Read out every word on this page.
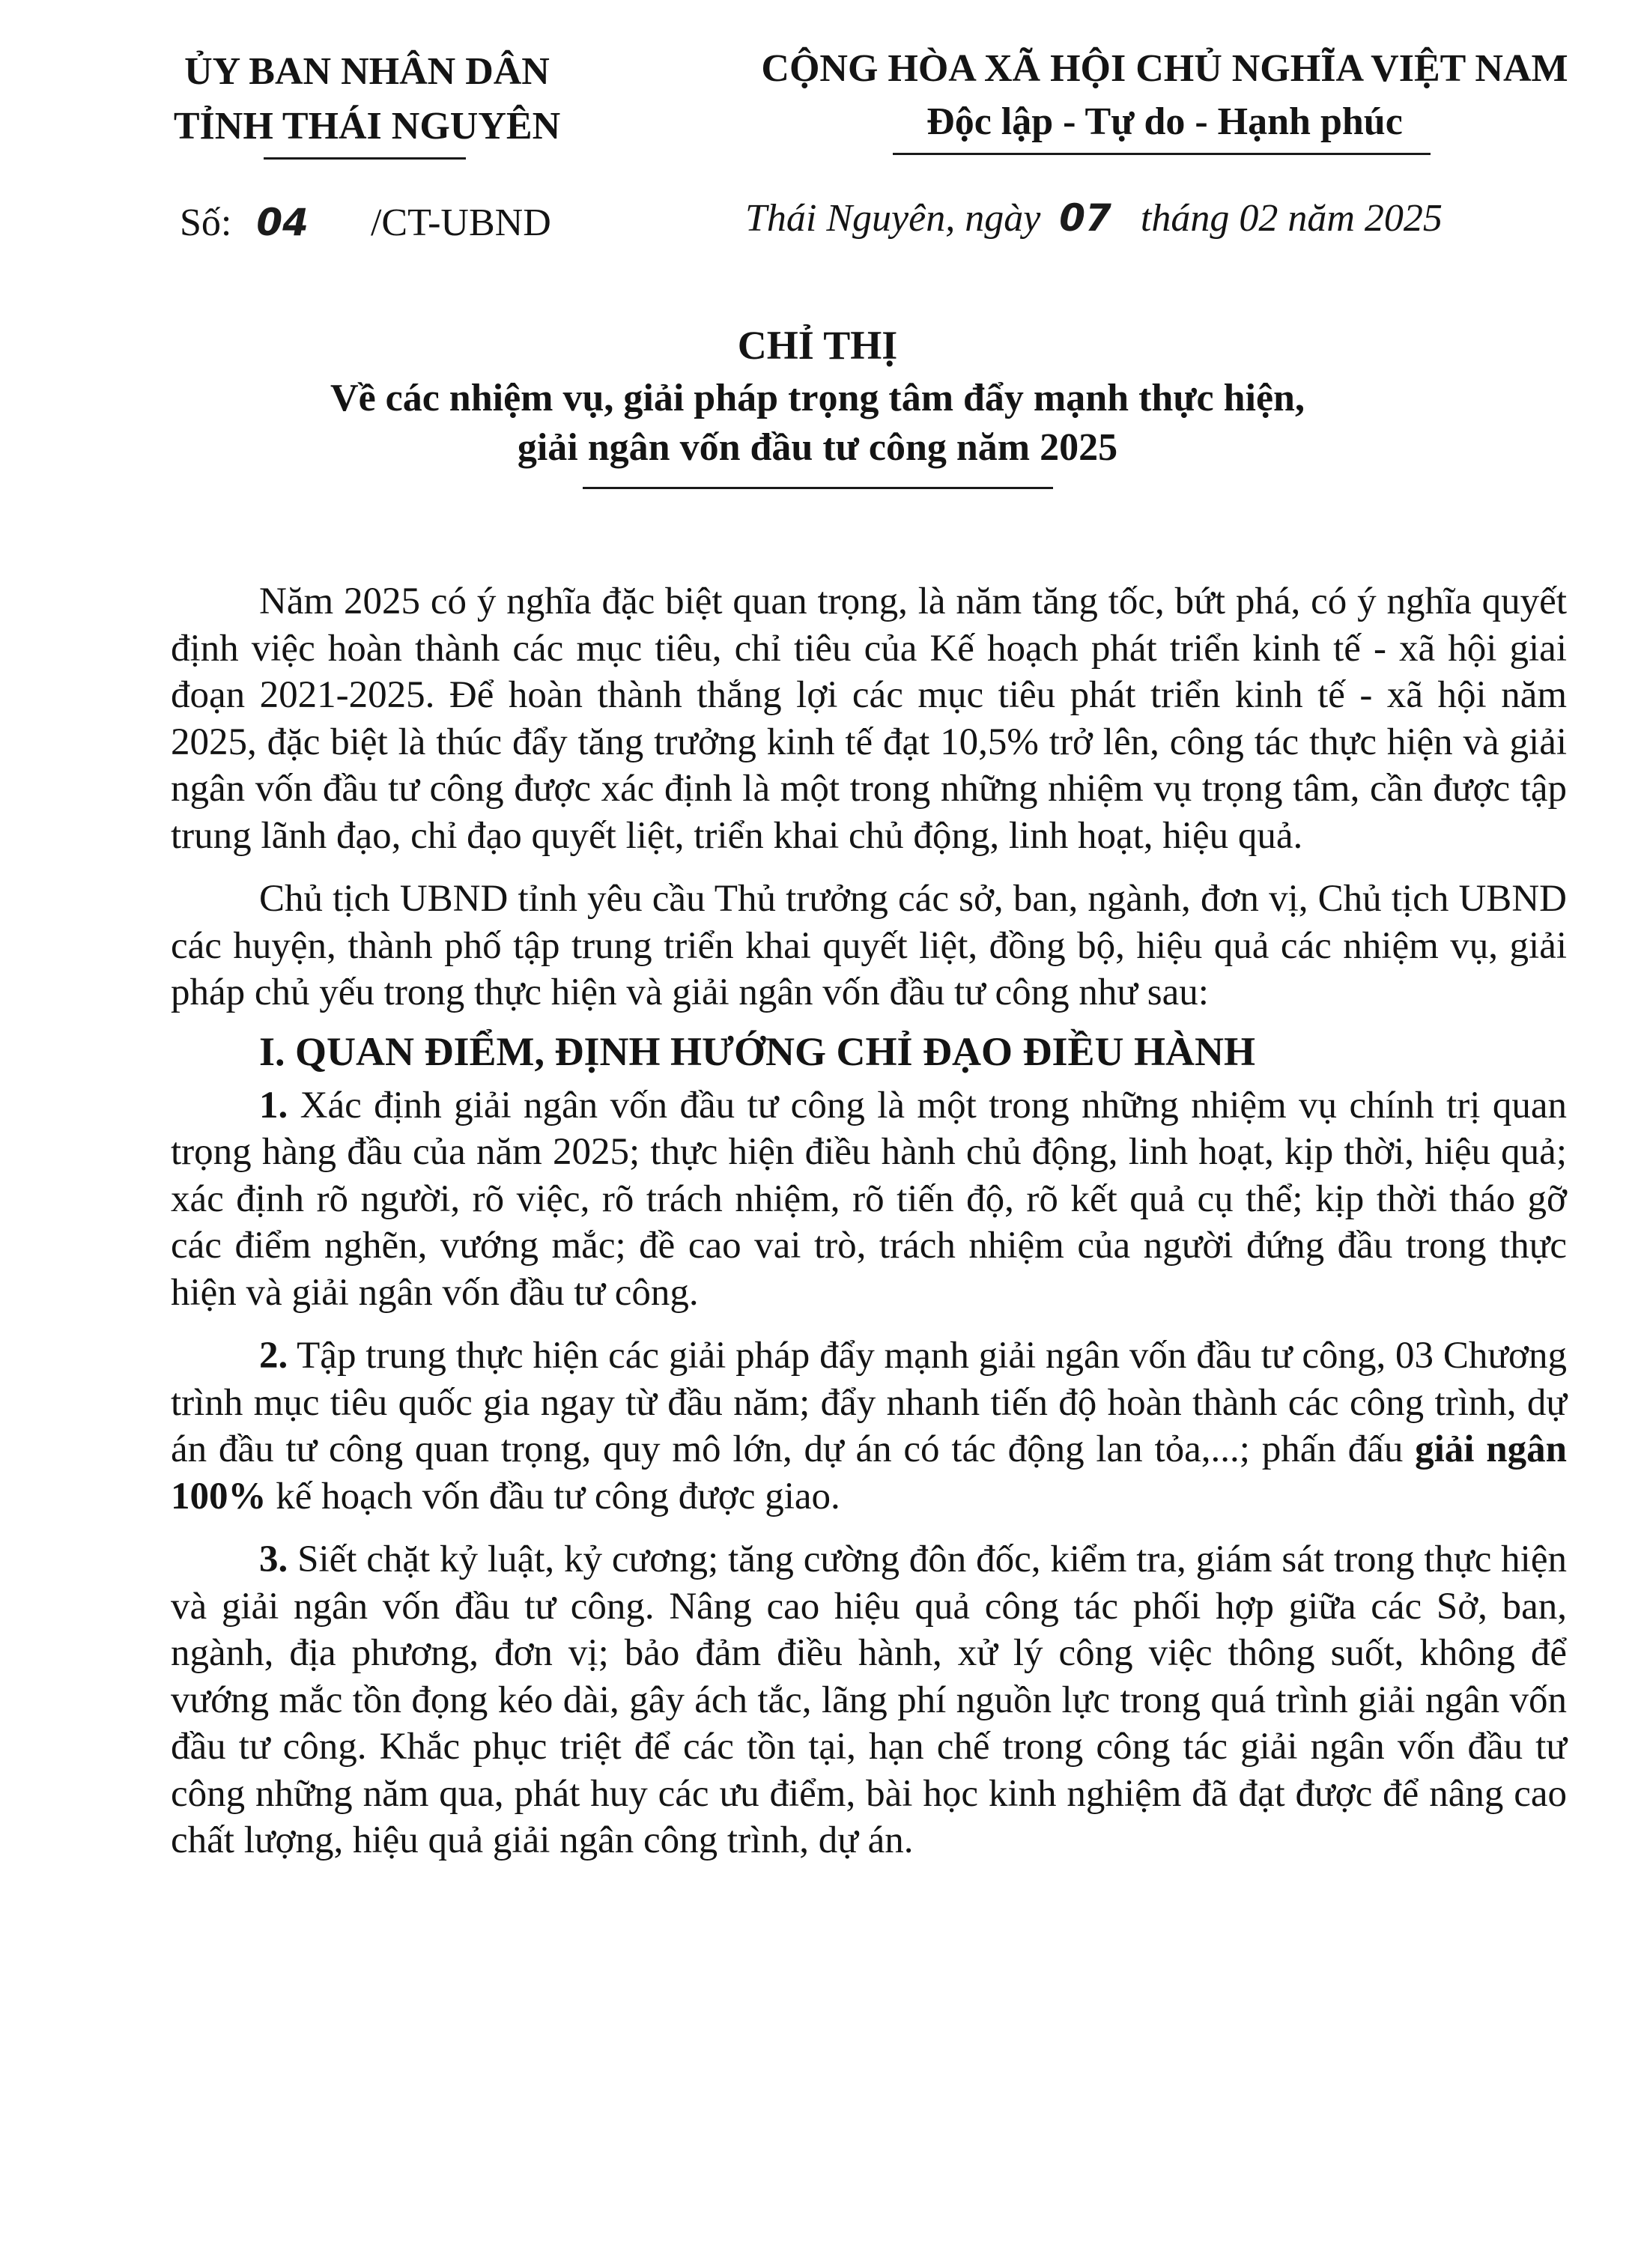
ỦY BAN NHÂN DÂN
TỈNH THÁI NGUYÊN
CỘNG HÒA XÃ HỘI CHỦ NGHĨA VIỆT NAM
Độc lập - Tự do - Hạnh phúc
Số: 04 /CT-UBND	Thái Nguyên, ngày 07 tháng 02 năm 2025
CHỈ THỊ
Về các nhiệm vụ, giải pháp trọng tâm đẩy mạnh thực hiện,
giải ngân vốn đầu tư công năm 2025

Năm 2025 có ý nghĩa đặc biệt quan trọng, là năm tăng tốc, bứt phá, có ý nghĩa quyết định việc hoàn thành các mục tiêu, chỉ tiêu của Kế hoạch phát triển kinh tế - xã hội giai đoạn 2021-2025. Để hoàn thành thắng lợi các mục tiêu phát triển kinh tế - xã hội năm 2025, đặc biệt là thúc đẩy tăng trưởng kinh tế đạt 10,5% trở lên, công tác thực hiện và giải ngân vốn đầu tư công được xác định là một trong những nhiệm vụ trọng tâm, cần được tập trung lãnh đạo, chỉ đạo quyết liệt, triển khai chủ động, linh hoạt, hiệu quả.

Chủ tịch UBND tỉnh yêu cầu Thủ trưởng các sở, ban, ngành, đơn vị, Chủ tịch UBND các huyện, thành phố tập trung triển khai quyết liệt, đồng bộ, hiệu quả các nhiệm vụ, giải pháp chủ yếu trong thực hiện và giải ngân vốn đầu tư công như sau:

I. QUAN ĐIỂM, ĐỊNH HƯỚNG CHỈ ĐẠO ĐIỀU HÀNH

1. Xác định giải ngân vốn đầu tư công là một trong những nhiệm vụ chính trị quan trọng hàng đầu của năm 2025; thực hiện điều hành chủ động, linh hoạt, kịp thời, hiệu quả; xác định rõ người, rõ việc, rõ trách nhiệm, rõ tiến độ, rõ kết quả cụ thể; kịp thời tháo gỡ các điểm nghẽn, vướng mắc; đề cao vai trò, trách nhiệm của người đứng đầu trong thực hiện và giải ngân vốn đầu tư công.

2. Tập trung thực hiện các giải pháp đẩy mạnh giải ngân vốn đầu tư công, 03 Chương trình mục tiêu quốc gia ngay từ đầu năm; đẩy nhanh tiến độ hoàn thành các công trình, dự án đầu tư công quan trọng, quy mô lớn, dự án có tác động lan tỏa,...; phấn đấu giải ngân 100% kế hoạch vốn đầu tư công được giao.

3. Siết chặt kỷ luật, kỷ cương; tăng cường đôn đốc, kiểm tra, giám sát trong thực hiện và giải ngân vốn đầu tư công. Nâng cao hiệu quả công tác phối hợp giữa các Sở, ban, ngành, địa phương, đơn vị; bảo đảm điều hành, xử lý công việc thông suốt, không để vướng mắc tồn đọng kéo dài, gây ách tắc, lãng phí nguồn lực trong quá trình giải ngân vốn đầu tư công. Khắc phục triệt để các tồn tại, hạn chế trong công tác giải ngân vốn đầu tư công những năm qua, phát huy các ưu điểm, bài học kinh nghiệm đã đạt được để nâng cao chất lượng, hiệu quả giải ngân công trình, dự án.
